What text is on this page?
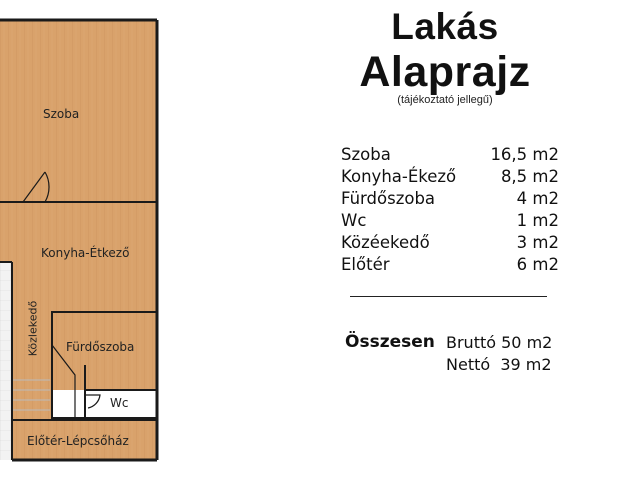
Szoba
Konyha-Étkező
Közlekedő Fürdőszoba
Wc
Előtér-Lépcsőház
Lakás
Alaprajz
(tájékoztató jellegű)
Szoba	16,5 m2
Konyha-Ékező	8,5 m2
Fürdőszoba	4 m2
Wc	1 m2
Közéekedő	3 m2
Előtér	6 m2
Összesen Bruttó 50 m2
Nettó  39 m2
